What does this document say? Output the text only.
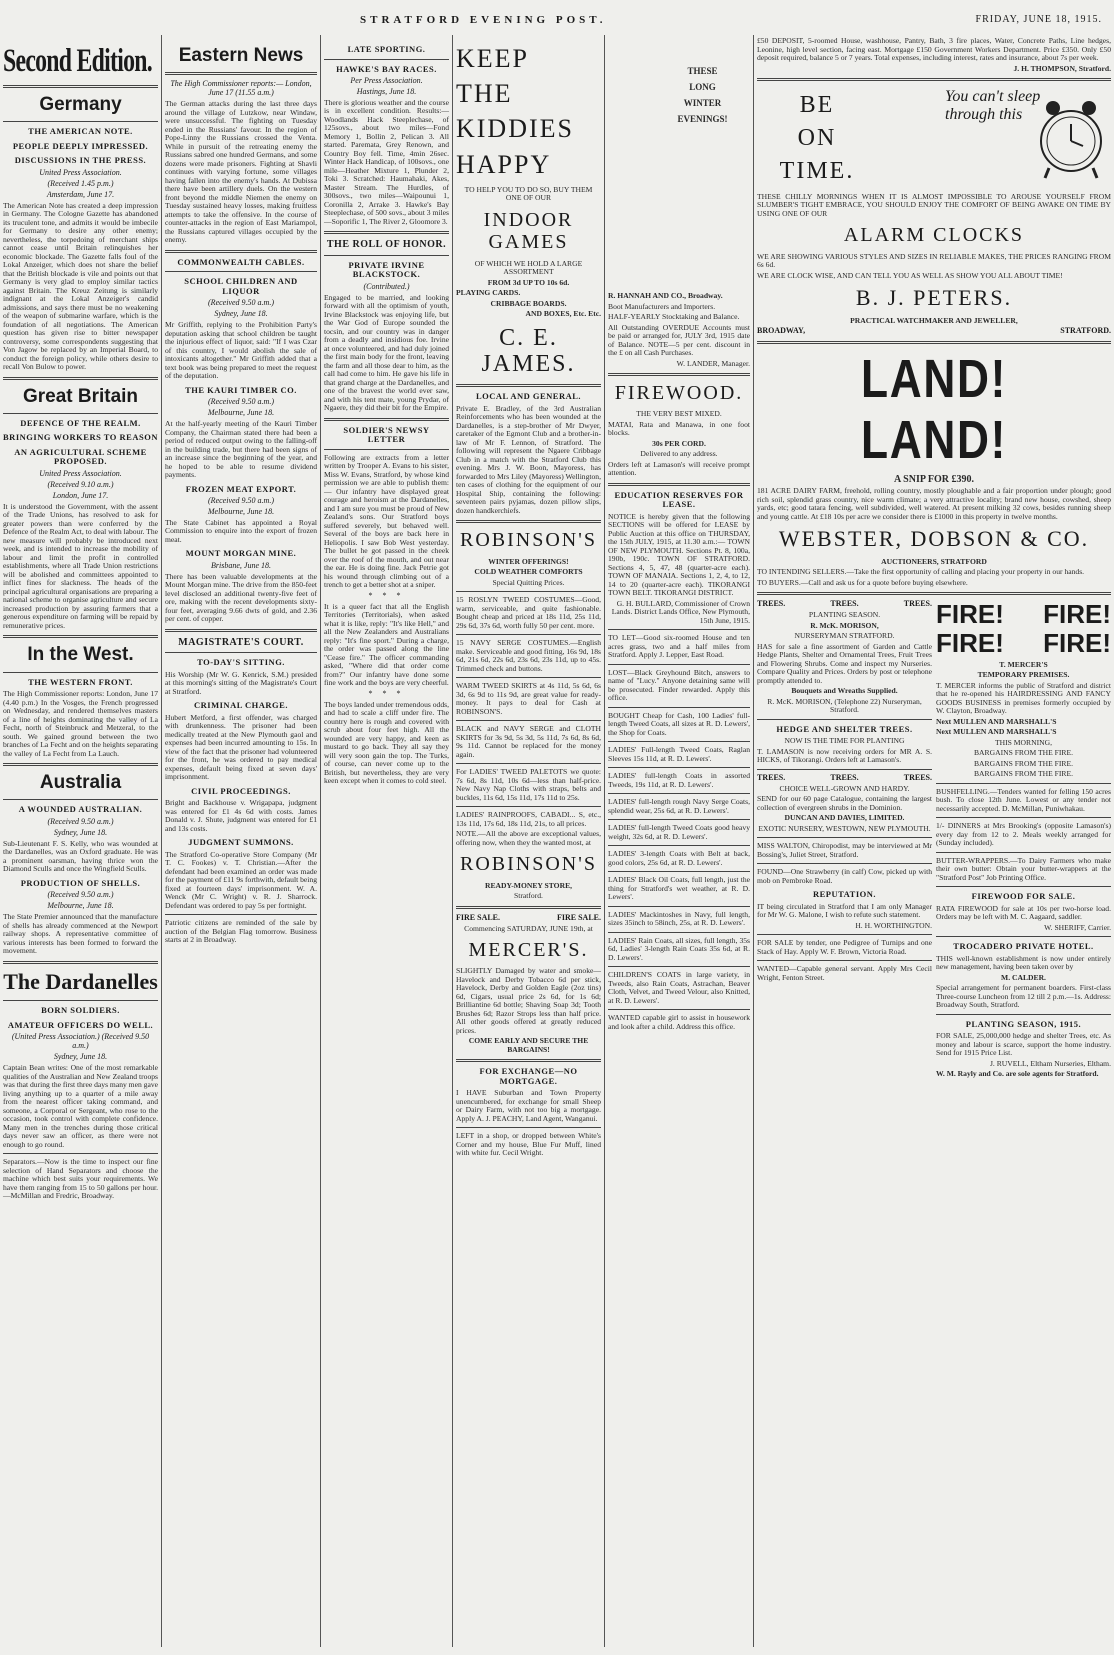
STRATFORD EVENING POST.	FRIDAY, JUNE 18, 1915.
Second Edition.
Germany
THE AMERICAN NOTE.
PEOPLE DEEPLY IMPRESSED.
DISCUSSIONS IN THE PRESS.
United Press Association.
(Received 1.45 p.m.)
Amsterdam, June 17.
The American Note has created a deep impression in Germany. The Cologne Gazette has abandoned its truculent tone, and admits it would be imbecile for Germany to desire any other enemy; nevertheless, the torpedoing of merchant ships cannot cease until Britain relinquishes her economic blockade. The Gazette falls foul of the Lokal Anzeiger, which does not share the belief that the British blockade is vile and points out that Germany is very glad to employ similar tactics against Britain. The Kreuz Zeitung is similarly indignant at the Lokal Anzeiger's candid admissions, and says there must be no weakening of the weapon of submarine warfare, which is the foundation of all negotiations. The American question has given rise to bitter newspaper controversy, some correspondents suggesting that Von Jagow be replaced by an Imperial Board, to conduct the foreign policy, while others desire to recall Von Bulow to power.
Great Britain
DEFENCE OF THE REALM.
BRINGING WORKERS TO REASON
AN AGRICULTURAL SCHEME PROPOSED.
United Press Association.
(Received 9.10 a.m.)
London, June 17.
It is understood the Government, with the assent of the Trade Unions, has resolved to ask for greater powers than were conferred by the Defence of the Realm Act, to deal with labour. The new measure will probably be introduced next week, and is intended to increase the mobility of labour and limit the profit in controlled establishments, where all Trade Union restrictions will be abolished and committees appointed to inflict fines for slackness. The heads of the principal agricultural organisations are preparing a national scheme to organise agriculture and secure increased production by assuring farmers that a generous expenditure on farming will be repaid by remunerative prices.
In the West.
THE WESTERN FRONT.
The High Commissioner reports: London, June 17 (4.40 p.m.) In the Vosges, the French progressed on Wednesday, and rendered themselves masters of a line of heights dominating the valley of La Fecht, north of Steinbruck and Metzeral, to the south. We gained ground between the two branches of La Fecht and on the heights separating the valley of La Fecht from La Lauch.
Australia
A WOUNDED AUSTRALIAN.
(Received 9.50 a.m.)
Sydney, June 18.
Sub-Lieutenant F. S. Kelly, who was wounded at the Dardanelles, was an Oxford graduate. He was a prominent oarsman, having thrice won the Diamond Sculls and once the Wingfield Sculls.
PRODUCTION OF SHELLS.
(Received 9.50 a.m.)
Melbourne, June 18.
The State Premier announced that the manufacture of shells has already commenced at the Newport railway shops. A representative committee of various interests has been formed to forward the movement.
The Dardanelles
BORN SOLDIERS.
AMATEUR OFFICERS DO WELL.
(United Press Association.) (Received 9.50 a.m.)
Sydney, June 18.
Captain Bean writes: One of the most remarkable qualities of the Australian and New Zealand troops was that during the first three days many men gave living anything up to a quarter of a mile away from the nearest officer taking command, and someone, a Corporal or Sergeant, who rose to the occasion, took control with complete confidence. Many men in the trenches during those critical days never saw an officer, as there were not enough to go round.
Separators.—Now is the time to inspect our fine selection of Hand Separators and choose the machine which best suits your requirements. We have them ranging from 15 to 50 gallons per hour.—McMillan and Fredric, Broadway.
Eastern News
The High Commissioner reports:— London, June 17 (11.55 a.m.)
The German attacks during the last three days around the village of Lutzkow, near Windaw, were unsuccessful. The fighting on Tuesday ended in the Russians' favour. In the region of Pope-Linny the Russians crossed the Venta. While in pursuit of the retreating enemy the Russians sabred one hundred Germans, and some dozens were made prisoners. Fighting at Shavli continues with varying fortune, some villages having fallen into the enemy's hands. At Dubissa there have been artillery duels. On the western front beyond the middle Niemen the enemy on Tuesday sustained heavy losses, making fruitless attempts to take the offensive. In the course of counter-attacks in the region of East Mariampol, the Russians captured villages occupied by the enemy.
COMMONWEALTH CABLES.
SCHOOL CHILDREN AND LIQUOR
(Received 9.50 a.m.)
Sydney, June 18.
Mr Griffith, replying to the Prohibition Party's deputation asking that school children be taught the injurious effect of liquor, said: "If I was Czar of this country, I would abolish the sale of intoxicants altogether." Mr Griffith added that a text book was being prepared to meet the request of the deputation.
THE KAURI TIMBER CO.
(Received 9.50 a.m.)
Melbourne, June 18.
At the half-yearly meeting of the Kauri Timber Company, the Chairman stated there had been a period of reduced output owing to the falling-off in the building trade, but there had been signs of an increase since the beginning of the year, and he hoped to be able to resume dividend payments.
FROZEN MEAT EXPORT.
(Received 9.50 a.m.)
Melbourne, June 18.
The State Cabinet has appointed a Royal Commission to enquire into the export of frozen meat.
MOUNT MORGAN MINE.
Brisbane, June 18.
There has been valuable developments at the Mount Morgan mine. The drive from the 850-feet level disclosed an additional twenty-five feet of ore, making with the recent developments sixty-four feet, averaging 9.66 dwts of gold, and 2.36 per cent. of copper.
MAGISTRATE'S COURT.
TO-DAY'S SITTING.
His Worship (Mr W. G. Kenrick, S.M.) presided at this morning's sitting of the Magistrate's Court at Stratford.
CRIMINAL CHARGE.
Hubert Metford, a first offender, was charged with drunkenness. The prisoner had been medically treated at the New Plymouth gaol and expenses had been incurred amounting to 15s. In view of the fact that the prisoner had volunteered for the front, he was ordered to pay medical expenses, default being fixed at seven days' imprisonment.
CIVIL PROCEEDINGS.
Bright and Backhouse v. Wrigapapa, judgment was entered for £1 4s 6d with costs. James Donald v. J. Shute, judgment was entered for £1 and 13s costs.
JUDGMENT SUMMONS.
The Stratford Co-operative Store Company (Mr T. C. Fookes) v. T. Christian.—After the defendant had been examined an order was made for the payment of £11 9s forthwith, default being fixed at fourteen days' imprisonment. W. A. Wenck (Mr C. Wright) v. R. J. Sharrock. Defendant was ordered to pay 5s per fortnight.
Patriotic citizens are reminded of the sale by auction of the Belgian Flag tomorrow. Business starts at 2 in Broadway.
LATE SPORTING.
HAWKE'S BAY RACES.
Per Press Association.
Hastings, June 18.
There is glorious weather and the course is in excellent condition. Results:— Woodlands Hack Steeplechase, of 125sovs., about two miles—Fond Memory 1, Bollin 2, Pelican 3. All started. Paremata, Grey Renown, and Country Boy fell. Time, 4min 26sec. Winter Hack Handicap, of 100sovs., one mile—Heather Mixture 1, Plunder 2, Toki 3. Scratched: Haumahaki, Akes, Master Stream. The Hurdles, of 300sovs., two miles—Waipounui 1, Coronilla 2, Arrake 3. Hawke's Bay Steeplechase, of 500 sovs., about 3 miles—Soporific 1, The River 2, Gloomore 3.
THE ROLL OF HONOR.
PRIVATE IRVINE BLACKSTOCK.
(Contributed.)
Engaged to be married, and looking forward with all the optimism of youth, Irvine Blackstock was enjoying life, but the War God of Europe sounded the tocsin, and our country was in danger from a deadly and insidious foe. Irvine at once volunteered, and had duly joined the first main body for the front, leaving the farm and all those dear to him, as the call had come to him. He gave his life in that grand charge at the Dardanelles, and one of the bravest the world ever saw, and with his tent mate, young Prydar, of Ngaere, they did their bit for the Empire.
SOLDIER'S NEWSY LETTER
Following are extracts from a letter written by Trooper A. Evans to his sister, Miss W. Evans, Stratford, by whose kind permission we are able to publish them:— Our infantry have displayed great courage and heroism at the Dardanelles, and I am sure you must be proud of New Zealand's sons. Our Stratford boys suffered severely, but behaved well. Several of the boys are back here in Heliopolis. I saw Bob West yesterday. The bullet he got passed in the cheek over the roof of the mouth, and out near the ear. He is doing fine. Jack Petrie got his wound through climbing out of a trench to get a better shot at a sniper.
* * *
It is a queer fact that all the English Territories (Territorials), when asked what it is like, reply: "It's like Hell," and all the New Zealanders and Australians reply: "It's fine sport." During a charge, the order was passed along the line "Cease fire." The officer commanding asked, "Where did that order come from?" Our infantry have done some fine work and the boys are very cheerful.
* * *
The boys landed under tremendous odds, and had to scale a cliff under fire. The country here is rough and covered with scrub about four feet high. All the wounded are very happy, and keen as mustard to go back. They all say they will very soon gain the top. The Turks, of course, can never come up to the British, but nevertheless, they are very keen except when it comes to cold steel.
KEEP
THE
KIDDIES
HAPPY
TO HELP YOU TO DO SO, BUY THEM ONE OF OUR
INDOOR GAMES
OF WHICH WE HOLD A LARGE ASSORTMENT
FROM 3d UP TO 10s 6d.
PLAYING CARDS.
CRIBBAGE BOARDS.
AND BOXES, Etc. Etc.
C. E. JAMES.
LOCAL AND GENERAL.
Private E. Bradley, of the 3rd Australian Reinforcements who has been wounded at the Dardanelles, is a step-brother of Mr Dwyer, caretaker of the Egmont Club and a brother-in-law of Mr F. Lennon, of Stratford. The following will represent the Ngaere Cribbage Club in a match with the Stratford Club this evening. Mrs J. W. Boon, Mayoress, has forwarded to Mrs Liley (Mayoress) Wellington, ten cases of clothing for the equipment of our Hospital Ship, containing the following: seventeen pairs pyjamas, dozen pillow slips, dozen handkerchiefs.
ROBINSON'S
WINTER OFFERINGS!
COLD WEATHER COMFORTS
Special Quitting Prices.
15 ROSLYN TWEED COSTUMES—Good, warm, serviceable, and quite fashionable. Bought cheap and priced at 18s 11d, 25s 11d, 29s 6d, 37s 6d, worth fully 50 per cent. more.
15 NAVY SERGE COSTUMES.—English make. Serviceable and good fitting, 16s 9d, 18s 6d, 21s 6d, 22s 6d, 23s 6d, 23s 11d, up to 45s. Trimmed check and buttons.
WARM TWEED SKIRTS at 4s 11d, 5s 6d, 6s 3d, 6s 9d to 11s 9d, are great value for ready-money. It pays to deal for Cash at ROBINSON'S.
BLACK and NAVY SERGE and CLOTH SKIRTS for 3s 9d, 5s 3d, 5s 11d, 7s 6d, 8s 6d, 9s 11d. Cannot be replaced for the money again.
For LADIES' TWEED PALETOTS we quote: 7s 6d, 8s 11d, 10s 6d—less than half-price. New Navy Nap Cloths with straps, belts and buckles, 11s 6d, 15s 11d, 17s 11d to 25s.
LADIES' RAINPROOFS, CABADI... S, etc., 13s 11d, 17s 6d, 18s 11d, 21s, to all prices.
NOTE.—All the above are exceptional values, offering now, when they the wanted most, at
ROBINSON'S
READY-MONEY STORE,
Stratford.
FIRE SALE.	FIRE SALE.
Commencing SATURDAY, JUNE 19th, at
MERCER'S.
SLIGHTLY Damaged by water and smoke—Havelock and Derby Tobacco 6d per stick, Havelock, Derby and Golden Eagle (2oz tins) 6d, Cigars, usual price 2s 6d, for 1s 6d; Brilliantine 6d bottle; Shaving Soap 3d; Tooth Brushes 6d; Razor Strops less than half price. All other goods offered at greatly reduced prices.
COME EARLY AND SECURE THE BARGAINS!
FOR EXCHANGE—NO MORTGAGE.
I HAVE Suburban and Town Property unencumbered, for exchange for small Sheep or Dairy Farm, with not too big a mortgage. Apply A. J. PEACHY, Land Agent, Wanganui.
LEFT in a shop, or dropped between White's Corner and my house, Blue Fur Muff, lined with white fur. Cecil Wright.
R. HANNAH AND CO., Broadway.
Boot Manufacturers and Importers.
HALF-YEARLY Stocktaking and Balance.
All Outstanding OVERDUE Accounts must be paid or arranged for, JULY 3rd, 1915 date of Balance. NOTE—5 per cent. discount in the £ on all Cash Purchases.
W. LANDER, Manager.
FIREWOOD.
THE VERY BEST MIXED.
MATAI, Rata and Manawa, in one foot blocks.
30s PER CORD.
Delivered to any address.
Orders left at Lamason's will receive prompt attention.
EDUCATION RESERVES FOR LEASE.
NOTICE is hereby given that the following SECTIONS will be offered for LEASE by Public Auction at this office on THURSDAY, the 15th JULY, 1915, at 11.30 a.m.:— TOWN OF NEW PLYMOUTH. Sections Pt. 8, 100a, 190b, 190c. TOWN OF STRATFORD. Sections 4, 5, 47, 48 (quarter-acre each). TOWN OF MANAIA. Sections 1, 2, 4, to 12, 14 to 20 (quarter-acre each). TIKORANGI TOWN BELT. TIKORANGI DISTRICT.
G. H. BULLARD, Commissioner of Crown Lands. District Lands Office, New Plymouth, 15th June, 1915.
TO LET—Good six-roomed House and ten acres grass, two and a half miles from Stratford. Apply J. Lepper, East Road.
LOST—Black Greyhound Bitch, answers to name of "Lucy." Anyone detaining same will be prosecuted. Finder rewarded. Apply this office.
BOUGHT Cheap for Cash, 100 Ladies' full-length Tweed Coats, all sizes at R. D. Lewers', the Shop for Coats.
LADIES' Full-length Tweed Coats, Raglan Sleeves 15s 11d, at R. D. Lewers'.
LADIES' full-length Coats in assorted Tweeds, 19s 11d, at R. D. Lewers'.
LADIES' full-length rough Navy Serge Coats, splendid wear, 25s 6d, at R. D. Lewers'.
LADIES' full-length Tweed Coats good heavy weight, 32s 6d, at R. D. Lewers'.
LADIES' 3-length Coats with Belt at back, good colors, 25s 6d, at R. D. Lewers'.
LADIES' Black Oil Coats, full length, just the thing for Stratford's wet weather, at R. D. Lewers'.
LADIES' Mackintoshes in Navy, full length, sizes 35inch to 58inch, 25s, at R. D. Lewers'.
LADIES' Rain Coats, all sizes, full length, 35s 6d, Ladies' 3-length Rain Coats 35s 6d, at R. D. Lewers'.
CHILDREN'S COATS in large variety, in Tweeds, also Rain Coats, Astrachan, Beaver Cloth, Velvet, and Tweed Velour, also Knitted, at R. D. Lewers'.
WANTED capable girl to assist in housework and look after a child. Address this office.
THESE
LONG
WINTER
EVENINGS!
£50 DEPOSIT, 5-roomed House, washhouse, Pantry, Bath, 3 fire places, Water, Concrete Paths, Line hedges, Leonine, high level section, facing east. Mortgage £150 Government Workers Department. Price £350. Only £50 deposit required, balance 5 or 7 years. Total expenses, including interest, rates and insurance, about 7s per week.
J. H. THOMPSON, Stratford.
BE
ON
TIME.
You can't sleep through this
THESE CHILLY MORNINGS WHEN IT IS ALMOST IMPOSSIBLE TO AROUSE YOURSELF FROM SLUMBER'S TIGHT EMBRACE, YOU SHOULD ENJOY THE COMFORT OF BEING AWAKE ON TIME BY USING ONE OF OUR
ALARM CLOCKS
WE ARE SHOWING VARIOUS STYLES AND SIZES IN RELIABLE MAKES, THE PRICES RANGING FROM 6s 6d.
WE ARE CLOCK WISE, AND CAN TELL YOU AS WELL AS SHOW YOU ALL ABOUT TIME!
B. J. PETERS.
PRACTICAL WATCHMAKER AND JEWELLER,
BROADWAY,	STRATFORD.
LAND! LAND!
A SNIP FOR £390.
181 ACRE DAIRY FARM, freehold, rolling country, mostly ploughable and a fair proportion under plough; good rich soil, splendid grass country, nice warm climate; a very attractive locality; brand new house, cowshed, sheep yards, etc; good tatara fencing, well subdivided, well watered. At present milking 32 cows, besides running sheep and young cattle. At £18 10s per acre we consider there is £1000 in this property in twelve months.
WEBSTER, DOBSON & CO.
AUCTIONEERS, STRATFORD
TO INTENDING SELLERS.—Take the first opportunity of calling and placing your property in our hands.
TO BUYERS.—Call and ask us for a quote before buying elsewhere.
TREES.	TREES.	TREES.
PLANTING SEASON.
R. McK. MORISON,
NURSERYMAN STRATFORD.
HAS for sale a fine assortment of Garden and Cattle Hedge Plants, Shelter and Ornamental Trees, Fruit Trees and Flowering Shrubs. Come and inspect my Nurseries. Compare Quality and Prices. Orders by post or telephone promptly attended to.
Bouquets and Wreaths Supplied.
R. McK. MORISON, (Telephone 22) Nurseryman, Stratford.
HEDGE AND SHELTER TREES.
NOW IS THE TIME FOR PLANTING
T. LAMASON is now receiving orders for MR A. S. HICKS, of Tikorangi. Orders left at Lamason's.
TREES.	TREES.	TREES.
CHOICE WELL-GROWN AND HARDY.
SEND for our 60 page Catalogue, containing the largest collection of evergreen shrubs in the Dominion.
DUNCAN AND DAVIES, LIMITED.
EXOTIC NURSERY, WESTOWN, NEW PLYMOUTH.
MISS WALTON, Chiropodist, may be interviewed at Mr Bossing's, Juliet Street, Stratford.
FOUND—One Strawberry (in calf) Cow, picked up with mob on Pembroke Road.
REPUTATION.
IT being circulated in Stratford that I am only Manager for Mr W. G. Malone, I wish to refute such statement.
H. H. WORTHINGTON.
FOR SALE by tender, one Pedigree of Turnips and one Stack of Hay. Apply W. F. Brown, Victoria Road.
WANTED—Capable general servant. Apply Mrs Cecil Wright, Fenton Street.
FIRE! FIRE!
FIRE! FIRE!
T. MERCER'S
TEMPORARY PREMISES.
T. MERCER informs the public of Stratford and district that he re-opened his HAIRDRESSING AND FANCY GOODS BUSINESS in premises formerly occupied by W. Clayton, Broadway.
Next MULLEN AND MARSHALL'S
Next MULLEN AND MARSHALL'S
THIS MORNING,
BARGAINS FROM THE FIRE.
BARGAINS FROM THE FIRE.
BARGAINS FROM THE FIRE.
BUSHFELLING.—Tenders wanted for felling 150 acres bush. To close 12th June. Lowest or any tender not necessarily accepted. D. McMillan, Puniwhakau.
1/- DINNERS at Mrs Brooking's (opposite Lamason's) every day from 12 to 2. Meals weekly arranged for (Sunday included).
BUTTER-WRAPPERS.—To Dairy Farmers who make their own butter: Obtain your butter-wrappers at the "Stratford Post" Job Printing Office.
FIREWOOD FOR SALE.
RATA FIREWOOD for sale at 10s per two-horse load. Orders may be left with M. C. Aagaard, saddler.
W. SHERIFF, Carrier.
TROCADERO PRIVATE HOTEL.
THIS well-known establishment is now under entirely new management, having been taken over by
M. CALDER.
Special arrangement for permanent boarders. First-class Three-course Luncheon from 12 till 2 p.m.—1s. Address: Broadway South, Stratford.
PLANTING SEASON, 1915.
FOR SALE, 25,000,000 hedge and shelter Trees, etc. As money and labour is scarce, support the home industry. Send for 1915 Price List.
J. RUVELL, Eltham Nurseries, Eltham.
W. M. Rayly and Co. are sole agents for Stratford.
